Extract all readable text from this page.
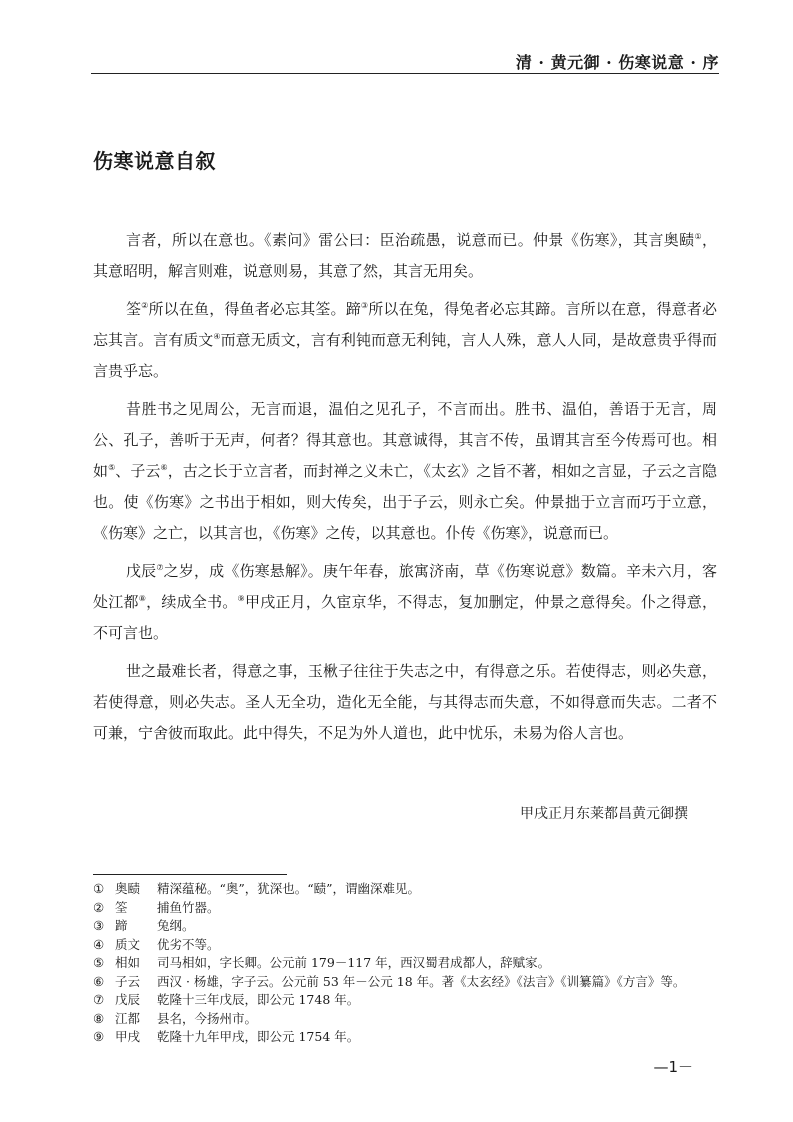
清 · 黄元御 · 伤寒说意 · 序
伤寒说意自叙

言者，所以在意也。《素问》雷公曰：臣治疏愚，说意而已。仲景《伤寒》，其言奥赜①，其意昭明，解言则难，说意则易，其意了然，其言无用矣。

筌②所以在鱼，得鱼者必忘其筌。蹄③所以在兔，得兔者必忘其蹄。言所以在意，得意者必忘其言。言有质文④而意无质文，言有利钝而意无利钝，言人人殊，意人人同，是故意贵乎得而言贵乎忘。

昔胜书之见周公，无言而退，温伯之见孔子，不言而出。胜书、温伯，善语于无言，周公、孔子，善听于无声，何者？得其意也。其意诚得，其言不传，虽谓其言至今传焉可也。相如⑤、子云⑥，古之长于立言者，而封禅之义未亡，《太玄》之旨不著，相如之言显，子云之言隐也。使《伤寒》之书出于相如，则大传矣，出于子云，则永亡矣。仲景拙于立言而巧于立意，《伤寒》之亡，以其言也，《伤寒》之传，以其意也。仆传《伤寒》，说意而已。

戊辰⑦之岁，成《伤寒悬解》。庚午年春，旅寓济南，草《伤寒说意》数篇。辛未六月，客处江都⑧，续成全书。⑨甲戌正月，久宦京华，不得志，复加删定，仲景之意得矣。仆之得意，不可言也。

世之最难长者，得意之事，玉楸子往往于失志之中，有得意之乐。若使得志，则必失意，若使得意，则必失志。圣人无全功，造化无全能，与其得志而失意，不如得意而失志。二者不可兼，宁舍彼而取此。此中得失，不足为外人道也，此中忧乐，未易为俗人言也。

甲戌正月东莱都昌黄元御撰
① 奥赜 精深蕴秘。“奥”，犹深也。“赜”，谓幽深难见。
② 筌 捕鱼竹器。
③ 蹄 兔纲。
④ 质文 优劣不等。
⑤ 相如 司马相如，字长卿。公元前 179－117 年，西汉蜀君成都人，辞赋家。
⑥ 子云 西汉 · 杨雄，字子云。公元前 53 年－公元 18 年。著《太玄经》《法言》《训纂篇》《方言》等。
⑦ 戊辰 乾隆十三年戊辰，即公元 1748 年。
⑧ 江都 县名，今扬州市。
⑨ 甲戌 乾隆十九年甲戌，即公元 1754 年。
—1－
